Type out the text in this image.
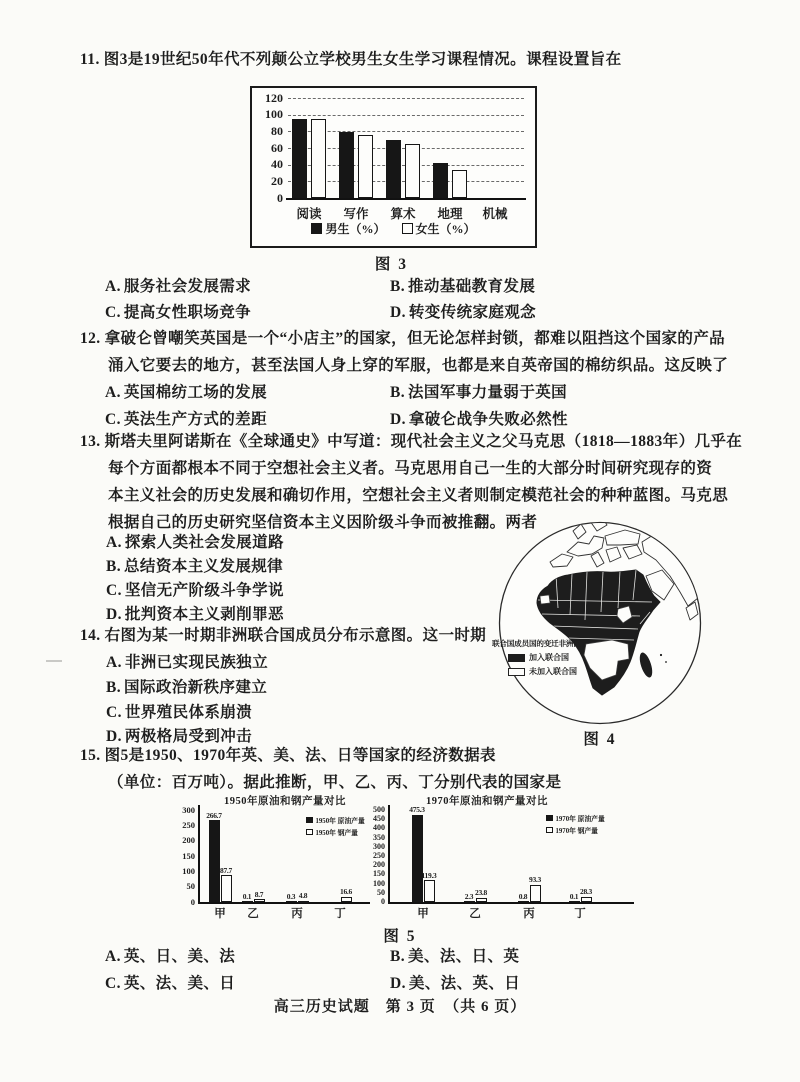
11. 图3是19世纪50年代不列颠公立学校男生女生学习课程情况。课程设置旨在
0
20
40
60
80
100
120
阅读	写作	算术	地理	机械
男生（%）	女生（%）
图 3
A. 服务社会发展需求	B. 推动基础教育发展
C. 提高女性职场竞争	D. 转变传统家庭观念
12. 拿破仑曾嘲笑英国是一个“小店主”的国家，但无论怎样封锁，都难以阻挡这个国家的产品
涌入它要去的地方，甚至法国人身上穿的军服，也都是来自英帝国的棉纺织品。这反映了
A. 英国棉纺工场的发展	B. 法国军事力量弱于英国
C. 英法生产方式的差距	D. 拿破仑战争失败必然性
13. 斯塔夫里阿诺斯在《全球通史》中写道：现代社会主义之父马克思（1818—1883年）几乎在
每个方面都根本不同于空想社会主义者。马克思用自己一生的大部分时间研究现存的资
本主义社会的历史发展和确切作用，空想社会主义者则制定模范社会的种种蓝图。马克思
根据自己的历史研究坚信资本主义因阶级斗争而被推翻。两者
A. 探索人类社会发展道路
B. 总结资本主义发展规律
C. 坚信无产阶级斗争学说
D. 批判资本主义剥削罪恶
14. 右图为某一时期非洲联合国成员分布示意图。这一时期
A. 非洲已实现民族独立
B. 国际政治新秩序建立
C. 世界殖民体系崩溃
D. 两极格局受到冲击
联合国成员国的变迁非洲区
加入联合国
未加入联合国
图 4
15. 图5是1950、1970年英、美、法、日等国家的经济数据表
（单位：百万吨）。据此推断，甲、乙、丙、丁分别代表的国家是
1950年原油和钢产量对比
0
50
100
150
200
250
300
甲
266.7
87.7
乙
0.1 8.7
丙
0.3 4.8
丁
16.6
1950年 原油产量
1950年 钢产量
1970年原油和钢产量对比
0
50
100
150
200
250
300
350
400
450
500
甲
475.3
119.3
乙
2.3 23.8
丙
0.8
93.3
丁
0.1 28.3
1970年 原油产量
1970年 钢产量
图 5
A. 英、日、美、法	B. 美、法、日、英
C. 英、法、美、日	D. 美、法、英、日
高三历史试题　第 3 页　（共 6 页）
